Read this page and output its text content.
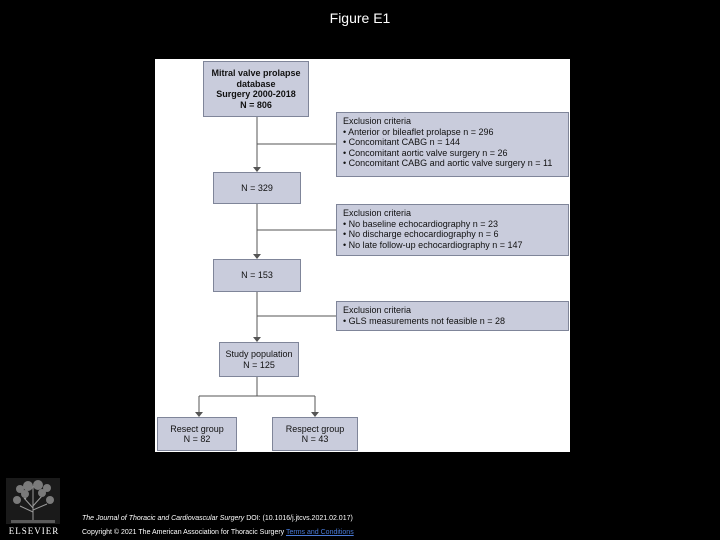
Figure E1
Mitral valve prolapse
database
Surgery 2000-2018
N = 806
Exclusion criteria
• Anterior or bileaflet prolapse n = 296
• Concomitant CABG n = 144
• Concomitant aortic valve surgery n = 26
• Concomitant CABG and aortic valve surgery n = 11
N = 329
Exclusion criteria
• No baseline echocardiography n = 23
• No discharge echocardiography n = 6
• No late follow-up echocardiography n = 147
N = 153
Exclusion criteria
• GLS measurements not feasible n = 28
Study population
N = 125
Resect group
N = 82
Respect group
N = 43
ELSEVIER
The Journal of Thoracic and Cardiovascular Surgery DOI: (10.1016/j.jtcvs.2021.02.017)
Copyright © 2021 The American Association for Thoracic Surgery Terms and Conditions
